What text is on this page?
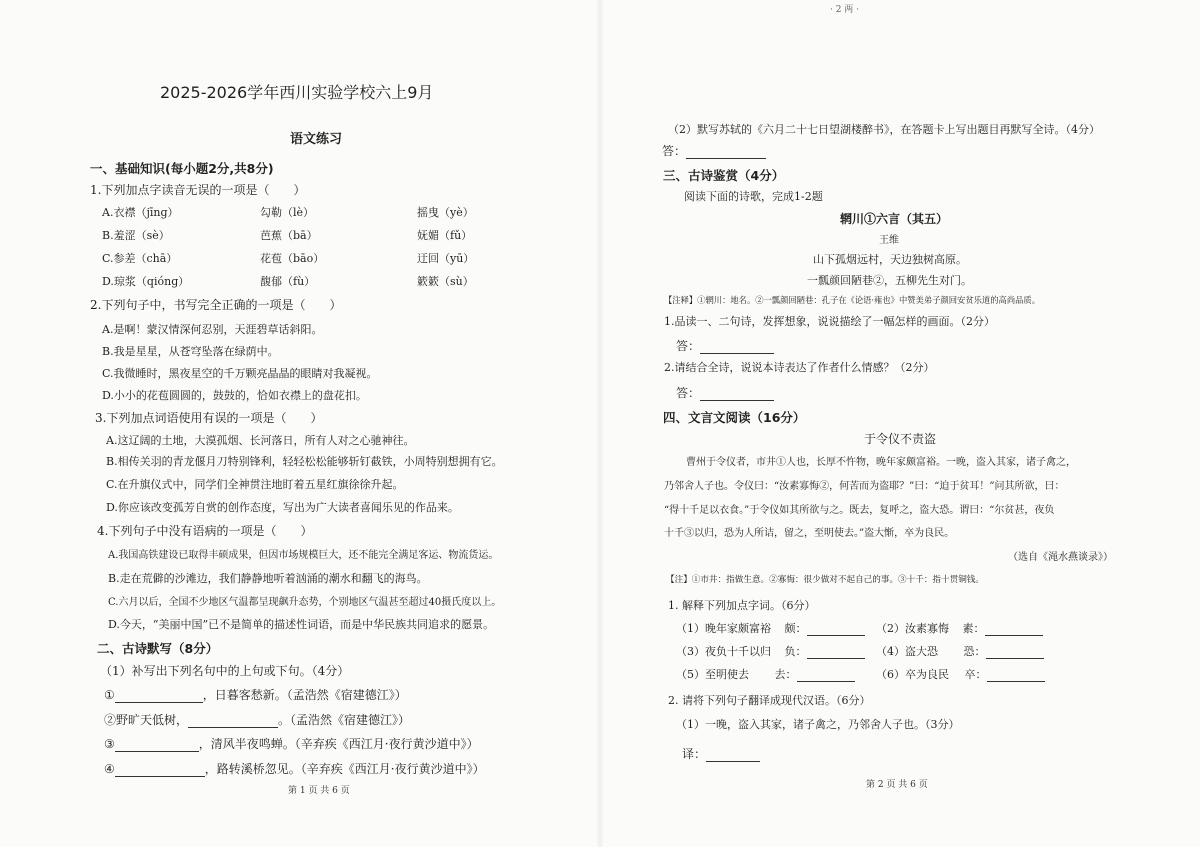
· 2 两 ·
2025-2026学年西川实验学校六上9月
语文练习
一、基础知识(每小题2分,共8分)
1.下列加点字读音无误的一项是（　　）
A.衣襟（jīnɡ）	勾勒（lè）	摇曳（yè）
B.羞涩（sè）	芭蕉（bā）	妩媚（fǔ）
C.参差（chā）	花苞（bāo）	迂回（yū）
D.琼浆（qiónɡ）	馥郁（fù）	簌簌（sù）
2.下列句子中，书写完全正确的一项是（　　）
A.是啊！蒙汉情深何忍别，天涯碧草话斜阳。
B.我是星星，从苍穹坠落在绿荫中。
C.我微睡时，黑夜星空的千万颗亮晶晶的眼睛对我凝视。
D.小小的花苞圆圆的，鼓鼓的，恰如衣襟上的盘花扣。
3.下列加点词语使用有误的一项是（　　）
A.这辽阔的土地，大漠孤烟、长河落日，所有人对之心驰神往。
B.相传关羽的青龙偃月刀特别锋利，轻轻松松能够斩钉截铁，小周特别想拥有它。
C.在升旗仪式中，同学们全神贯注地盯着五星红旗徐徐升起。
D.你应该改变孤芳自赏的创作态度，写出为广大读者喜闻乐见的作品来。
4.下列句子中没有语病的一项是（　　）
A.我国高铁建设已取得丰硕成果，但因市场规模巨大，还不能完全满足客运、物流货运。
B.走在荒僻的沙滩边，我们静静地听着汹涌的潮水和翻飞的海鸟。
C.六月以后，全国不少地区气温都呈现飙升态势，个别地区气温甚至超过40摄氏度以上。
D.今天，“美丽中国”已不是简单的描述性词语，而是中华民族共同追求的愿景。
二、古诗默写（8分）
（1）补写出下列名句中的上句或下句。（4分）
①	，日暮客愁新。（孟浩然《宿建德江》）
②野旷天低树，	。（孟浩然《宿建德江》）
③	，清风半夜鸣蝉。（辛弃疾《西江月·夜行黄沙道中》）
④	，路转溪桥忽见。（辛弃疾《西江月·夜行黄沙道中》）
第 1 页 共 6 页
（2）默写苏轼的《六月二十七日望湖楼醉书》，在答题卡上写出题目再默写全诗。（4分）
答：
三、古诗鉴赏（4分）
阅读下面的诗歌，完成1-2题
辋川①六言（其五）
王维
山下孤烟远村，天边独树高原。
一瓢颜回陋巷②，五柳先生对门。
【注释】①辋川：地名。②一瓢颜回陋巷：孔子在《论语·雍也》中赞美弟子颜回安贫乐道的高尚品质。
1.品读一、二句诗，发挥想象，说说描绘了一幅怎样的画面。（2分）
答：
2.请结合全诗，说说本诗表达了作者什么情感？（2分）
答：
四、文言文阅读（16分）
于令仪不责盗
曹州于令仪者，市井①人也，长厚不忤物，晚年家颇富裕。一晚，盗入其家，诸子禽之，
乃邻舍人子也。令仪曰：“汝素寡悔②，何苦而为盗耶？”曰：“迫于贫耳！”问其所欲，曰：
“得十千足以衣食。”于令仪如其所欲与之。既去，复呼之，盗大恐。谓曰：“尔贫甚，夜负
十千③以归，恐为人所诘，留之，至明使去。”盗大惭，卒为良民。
（选自《渑水燕谈录》）
【注】①市井：指做生意。②寡悔：很少做对不起自己的事。③十千：指十贯铜钱。
1. 解释下列加点字词。（6分）
（1）晚年家颇富裕 颇：	（2）汝素寡悔 素：
（3）夜负十千以归 负：	（4）盗大恐 恐：
（5）至明使去 去：	（6）卒为良民 卒：
2. 请将下列句子翻译成现代汉语。（6分）
（1）一晚，盗入其家，诸子禽之，乃邻舍人子也。（3分）
译：
第 2 页 共 6 页
